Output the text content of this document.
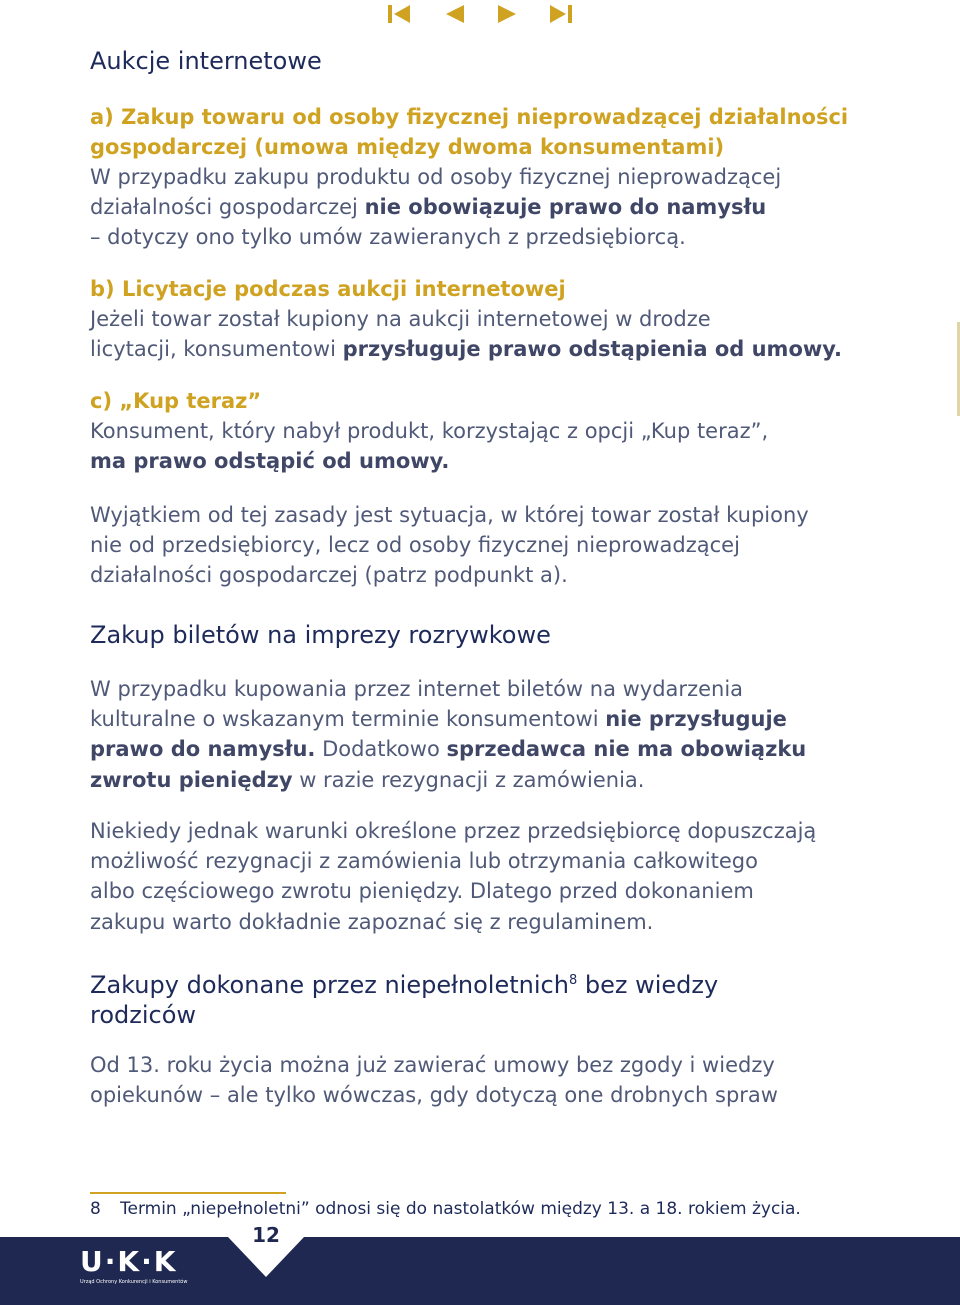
Aukcje internetowe
a) Zakup towaru od osoby fizycznej nieprowadzącej działalności
gospodarczej (umowa między dwoma konsumentami)
W przypadku zakupu produktu od osoby fizycznej nieprowadzącej
działalności gospodarczej nie obowiązuje prawo do namysłu
– dotyczy ono tylko umów zawieranych z przedsiębiorcą.
b) Licytacje podczas aukcji internetowej
Jeżeli towar został kupiony na aukcji internetowej w drodze
licytacji, konsumentowi przysługuje prawo odstąpienia od umowy.
c) „Kup teraz”
Konsument, który nabył produkt, korzystając z opcji „Kup teraz”,
ma prawo odstąpić od umowy.
Wyjątkiem od tej zasady jest sytuacja, w której towar został kupiony
nie od przedsiębiorcy, lecz od osoby fizycznej nieprowadzącej
działalności gospodarczej (patrz podpunkt a).
Zakup biletów na imprezy rozrywkowe
W przypadku kupowania przez internet biletów na wydarzenia
kulturalne o wskazanym terminie konsumentowi nie przysługuje
prawo do namysłu. Dodatkowo sprzedawca nie ma obowiązku
zwrotu pieniędzy w razie rezygnacji z zamówienia.
Niekiedy jednak warunki określone przez przedsiębiorcę dopuszczają
możliwość rezygnacji z zamówienia lub otrzymania całkowitego
albo częściowego zwrotu pieniędzy. Dlatego przed dokonaniem
zakupu warto dokładnie zapoznać się z regulaminem.
Zakupy dokonane przez niepełnoletnich$^8$ bez wiedzy
rodziców
Od 13. roku życia można już zawierać umowy bez zgody i wiedzy
opiekunów – ale tylko wówczas, gdy dotyczą one drobnych spraw
8 Termin „niepełnoletni” odnosi się do nastolatków między 13. a 18. rokiem życia.
12
U·K·K
Urząd Ochrony Konkurencji i Konsumentów
